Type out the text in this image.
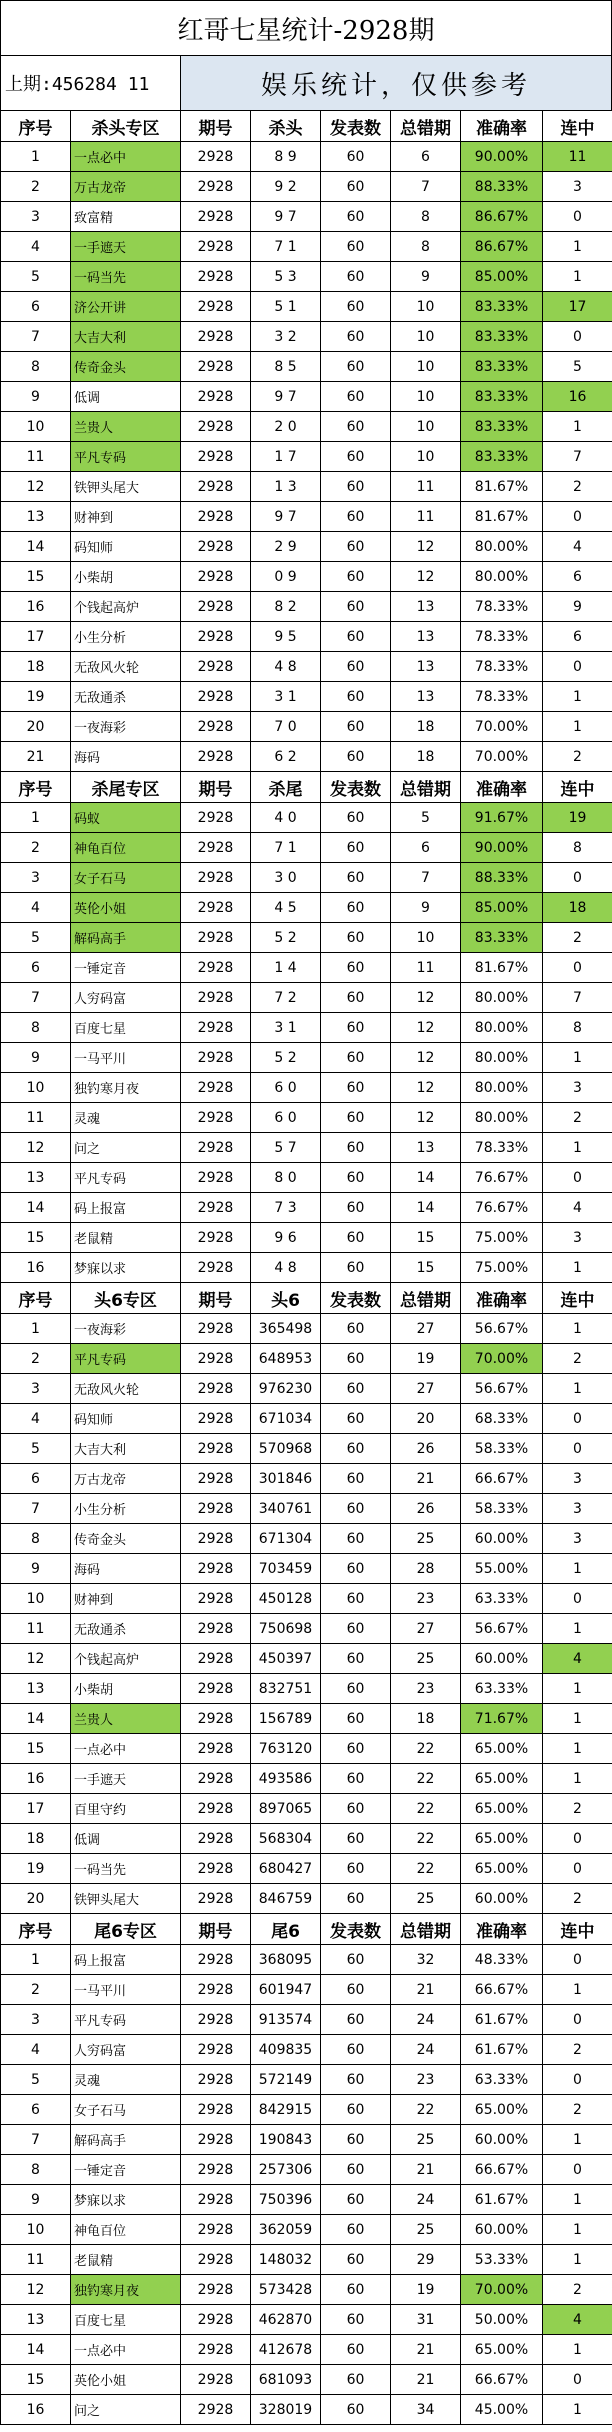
红哥七星统计-2928期
上期:456284 11	娱乐统计，仅供参考
序号	杀头专区	期号	杀头	发表数	总错期	准确率	连中
1	一点必中	2928	8 9	60	6	90.00%	11
2	万古龙帝	2928	9 2	60	7	88.33%	3
3	致富精	2928	9 7	60	8	86.67%	0
4	一手遮天	2928	7 1	60	8	86.67%	1
5	一码当先	2928	5 3	60	9	85.00%	1
6	济公开讲	2928	5 1	60	10	83.33%	17
7	大吉大利	2928	3 2	60	10	83.33%	0
8	传奇金头	2928	8 5	60	10	83.33%	5
9	低调	2928	9 7	60	10	83.33%	16
10	兰贵人	2928	2 0	60	10	83.33%	1
11	平凡专码	2928	1 7	60	10	83.33%	7
12	铁钾头尾大	2928	1 3	60	11	81.67%	2
13	财神到	2928	9 7	60	11	81.67%	0
14	码知师	2928	2 9	60	12	80.00%	4
15	小柴胡	2928	0 9	60	12	80.00%	6
16	个钱起高炉	2928	8 2	60	13	78.33%	9
17	小生分析	2928	9 5	60	13	78.33%	6
18	无敌风火轮	2928	4 8	60	13	78.33%	0
19	无敌通杀	2928	3 1	60	13	78.33%	1
20	一夜海彩	2928	7 0	60	18	70.00%	1
21	海码	2928	6 2	60	18	70.00%	2
序号	杀尾专区	期号	杀尾	发表数	总错期	准确率	连中
1	码蚁	2928	4 0	60	5	91.67%	19
2	神龟百位	2928	7 1	60	6	90.00%	8
3	女子石马	2928	3 0	60	7	88.33%	0
4	英伦小姐	2928	4 5	60	9	85.00%	18
5	解码高手	2928	5 2	60	10	83.33%	2
6	一锤定音	2928	1 4	60	11	81.67%	0
7	人穷码富	2928	7 2	60	12	80.00%	7
8	百度七星	2928	3 1	60	12	80.00%	8
9	一马平川	2928	5 2	60	12	80.00%	1
10	独钓寒月夜	2928	6 0	60	12	80.00%	3
11	灵魂	2928	6 0	60	12	80.00%	2
12	问之	2928	5 7	60	13	78.33%	1
13	平凡专码	2928	8 0	60	14	76.67%	0
14	码上报富	2928	7 3	60	14	76.67%	4
15	老鼠精	2928	9 6	60	15	75.00%	3
16	梦寐以求	2928	4 8	60	15	75.00%	1
序号	头6专区	期号	头6	发表数	总错期	准确率	连中
1	一夜海彩	2928	365498	60	27	56.67%	1
2	平凡专码	2928	648953	60	19	70.00%	2
3	无敌风火轮	2928	976230	60	27	56.67%	1
4	码知师	2928	671034	60	20	68.33%	0
5	大吉大利	2928	570968	60	26	58.33%	0
6	万古龙帝	2928	301846	60	21	66.67%	3
7	小生分析	2928	340761	60	26	58.33%	3
8	传奇金头	2928	671304	60	25	60.00%	3
9	海码	2928	703459	60	28	55.00%	1
10	财神到	2928	450128	60	23	63.33%	0
11	无敌通杀	2928	750698	60	27	56.67%	1
12	个钱起高炉	2928	450397	60	25	60.00%	4
13	小柴胡	2928	832751	60	23	63.33%	1
14	兰贵人	2928	156789	60	18	71.67%	1
15	一点必中	2928	763120	60	22	65.00%	1
16	一手遮天	2928	493586	60	22	65.00%	1
17	百里守约	2928	897065	60	22	65.00%	2
18	低调	2928	568304	60	22	65.00%	0
19	一码当先	2928	680427	60	22	65.00%	0
20	铁钾头尾大	2928	846759	60	25	60.00%	2
序号	尾6专区	期号	尾6	发表数	总错期	准确率	连中
1	码上报富	2928	368095	60	32	48.33%	0
2	一马平川	2928	601947	60	21	66.67%	1
3	平凡专码	2928	913574	60	24	61.67%	0
4	人穷码富	2928	409835	60	24	61.67%	2
5	灵魂	2928	572149	60	23	63.33%	0
6	女子石马	2928	842915	60	22	65.00%	2
7	解码高手	2928	190843	60	25	60.00%	1
8	一锤定音	2928	257306	60	21	66.67%	0
9	梦寐以求	2928	750396	60	24	61.67%	1
10	神龟百位	2928	362059	60	25	60.00%	1
11	老鼠精	2928	148032	60	29	53.33%	1
12	独钓寒月夜	2928	573428	60	19	70.00%	2
13	百度七星	2928	462870	60	31	50.00%	4
14	一点必中	2928	412678	60	21	65.00%	1
15	英伦小姐	2928	681093	60	21	66.67%	0
16	问之	2928	328019	60	34	45.00%	1
